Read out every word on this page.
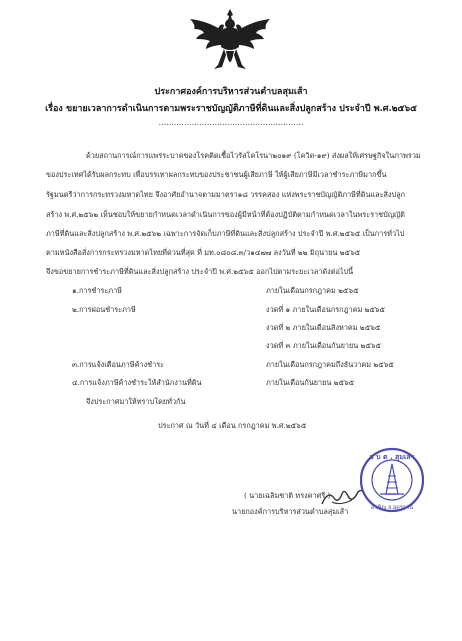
ประกาศองค์การบริหารส่วนตำบลสุมเส้า
เรื่อง ขยายเวลาการดำเนินการตามพระราชบัญญัติภาษีที่ดินและสิ่งปลูกสร้าง ประจำปี พ.ศ.๒๕๖๕
.........................................................
ด้วยสถานการณ์การแพร่ระบาดของโรคติดเชื้อไวรัสโคโรนา๒๐๑๙ (โควิด-๑๙) ส่งผลให้เศรษฐกิจในภาพรวม
ของประเทศได้รับผลกระทบ เพื่อบรรเทาผลกระทบของประชาชนผู้เสียภาษี ให้ผู้เสียภาษีมีเวลาชำระภาษีมากขึ้น
รัฐมนตรีว่าการกระทรวงมหาดไทย จึงอาศัยอำนาจตามมาตรา๑๘ วรรคสอง แห่งพระราชบัญญัติภาษีที่ดินและสิ่งปลูก
สร้าง พ.ศ.๒๕๖๒ เห็นชอบให้ขยายกำหนดเวลาดำเนินการของผู้มีหน้าที่ต้องปฏิบัติตามกำหนดเวลาในพระราชบัญญัติ
ภาษีที่ดินและสิ่งปลูกสร้าง พ.ศ.๒๕๖๒ เฉพาะการจัดเก็บภาษีที่ดินและสิ่งปลูกสร้าง ประจำปี พ.ศ.๒๕๖๕ เป็นการทั่วไป
ตามหนังสือสั่งการกระทรวงมหาดไทยที่ด่วนที่สุด ที่ มท.๐๘๐๘.๓/ว๑๔๗๗ ลงวันที่ ๒๒ มิถุนายน ๒๕๖๕
จึงขอขยายการชำระภาษีที่ดินและสิ่งปลูกสร้าง ประจำปี พ.ศ.๒๕๖๕ ออกไปตามระยะเวลาดังต่อไปนี้
๑.การชำระภาษี	ภายในเดือนกรกฎาคม ๒๕๖๕
๒.การผ่อนชำระภาษี	งวดที่ ๑ ภายในเดือนกรกฎาคม ๒๕๖๕
งวดที่ ๒ ภายในเดือนสิงหาคม ๒๕๖๕
งวดที่ ๓ ภายในเดือนกันยายน ๒๕๖๕
๓.การแจ้งเตือนภาษีค้างชำระ	ภายในเดือนกรกฎาคมถึงธันวาคม ๒๕๖๕
๔.การแจ้งภาษีค้างชำระให้สำนักงานที่ดิน	ภายในเดือนกันยายน ๒๕๖๕
จึงประกาศมาให้ทราบโดยทั่วกัน
ประกาศ ณ วันที่ ๔ เดือน กรกฎาคม พ.ศ.๒๕๖๕
( นายเฉลิมชาติ ทรงคาศรี )
นายกองค์การบริหารส่วนตำบลสุมเส้า
อ บ ต . สุมเส้า
อ.เพ็ญ จ.อุดรธานี
